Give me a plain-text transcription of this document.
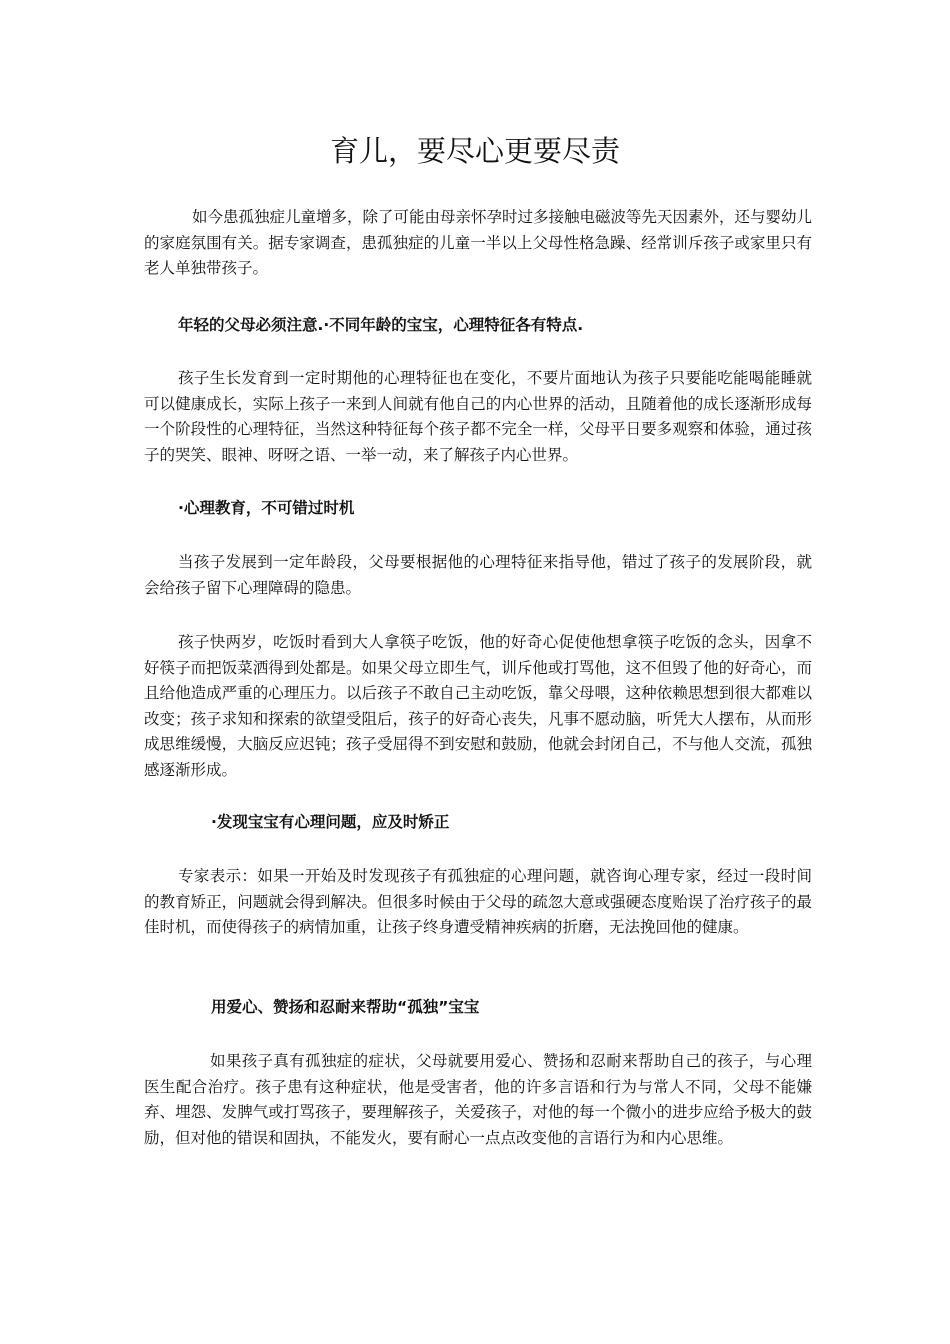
育儿，要尽心更要尽责

如今患孤独症儿童增多，除了可能由母亲怀孕时过多接触电磁波等先天因素外，还与婴幼儿的家庭氛围有关。据专家调查，患孤独症的儿童一半以上父母性格急躁、经常训斥孩子或家里只有老人单独带孩子。

年轻的父母必须注意.·不同年龄的宝宝，心理特征各有特点.

孩子生长发育到一定时期他的心理特征也在变化，不要片面地认为孩子只要能吃能喝能睡就可以健康成长，实际上孩子一来到人间就有他自己的内心世界的活动，且随着他的成长逐渐形成每一个阶段性的心理特征，当然这种特征每个孩子都不完全一样，父母平日要多观察和体验，通过孩子的哭笑、眼神、呀呀之语、一举一动，来了解孩子内心世界。

·心理教育，不可错过时机

当孩子发展到一定年龄段，父母要根据他的心理特征来指导他，错过了孩子的发展阶段，就会给孩子留下心理障碍的隐患。

孩子快两岁，吃饭时看到大人拿筷子吃饭，他的好奇心促使他想拿筷子吃饭的念头，因拿不好筷子而把饭菜洒得到处都是。如果父母立即生气，训斥他或打骂他，这不但毁了他的好奇心，而且给他造成严重的心理压力。以后孩子不敢自己主动吃饭，靠父母喂，这种依赖思想到很大都难以改变；孩子求知和探索的欲望受阻后，孩子的好奇心丧失，凡事不愿动脑，听凭大人摆布，从而形成思维缓慢，大脑反应迟钝；孩子受屈得不到安慰和鼓励，他就会封闭自己，不与他人交流，孤独感逐渐形成。

·发现宝宝有心理问题，应及时矫正

专家表示：如果一开始及时发现孩子有孤独症的心理问题，就咨询心理专家，经过一段时间的教育矫正，问题就会得到解决。但很多时候由于父母的疏忽大意或强硬态度贻误了治疗孩子的最佳时机，而使得孩子的病情加重，让孩子终身遭受精神疾病的折磨，无法挽回他的健康。

用爱心、赞扬和忍耐来帮助“孤独”宝宝

如果孩子真有孤独症的症状，父母就要用爱心、赞扬和忍耐来帮助自己的孩子，与心理医生配合治疗。孩子患有这种症状，他是受害者，他的许多言语和行为与常人不同，父母不能嫌弃、埋怨、发脾气或打骂孩子，要理解孩子，关爱孩子，对他的每一个微小的进步应给予极大的鼓励，但对他的错误和固执，不能发火，要有耐心一点点改变他的言语行为和内心思维。
